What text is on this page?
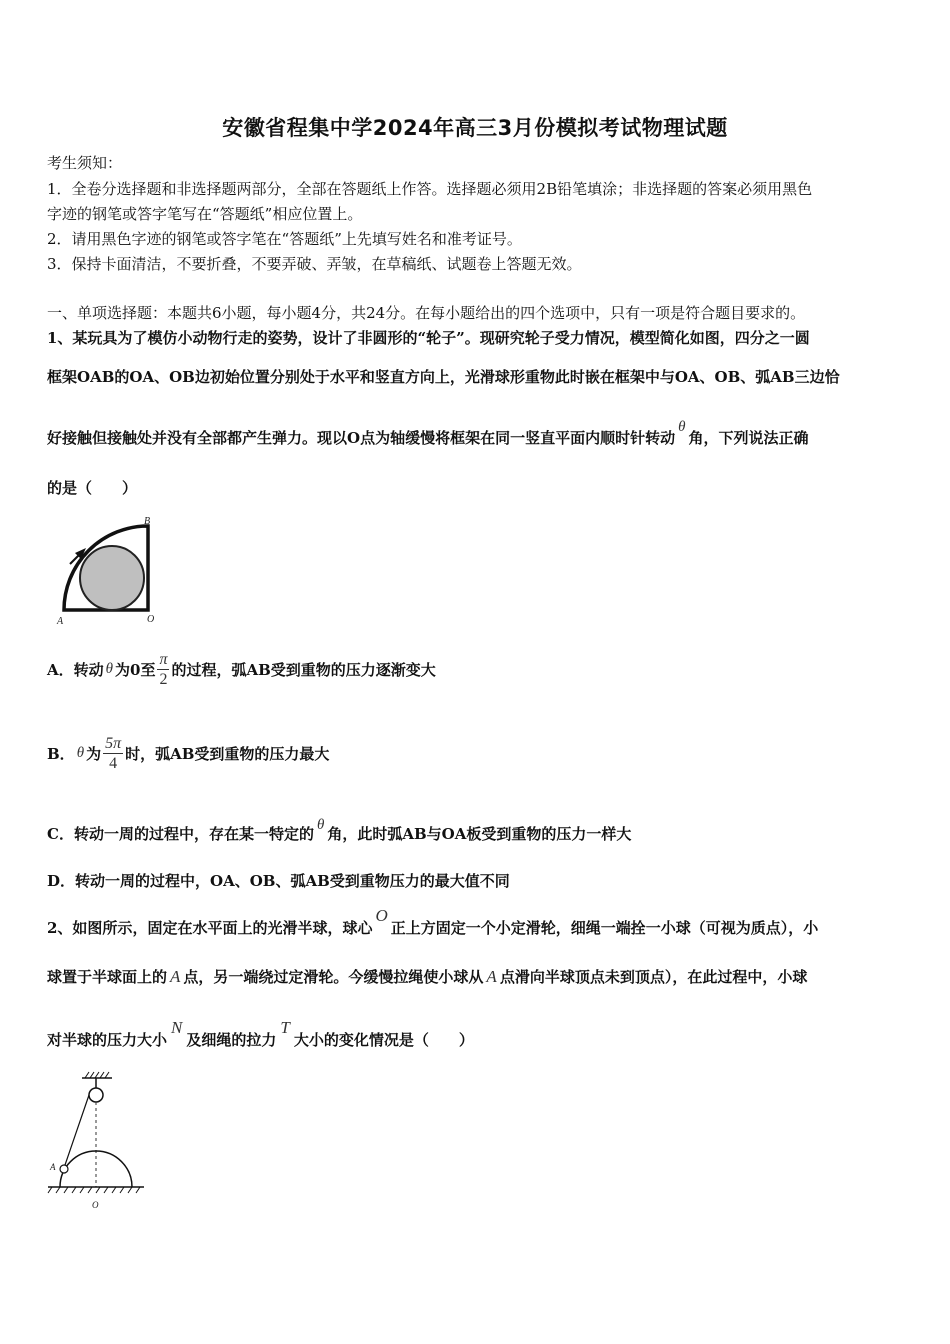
安徽省程集中学2024年高三3月份模拟考试物理试题
考生须知：
1．全卷分选择题和非选择题两部分，全部在答题纸上作答。选择题必须用2B铅笔填涂；非选择题的答案必须用黑色
字迹的钢笔或答字笔写在“答题纸”相应位置上。
2．请用黑色字迹的钢笔或答字笔在“答题纸”上先填写姓名和准考证号。
3．保持卡面清洁，不要折叠，不要弄破、弄皱，在草稿纸、试题卷上答题无效。
一、单项选择题：本题共6小题，每小题4分，共24分。在每小题给出的四个选项中，只有一项是符合题目要求的。
1、某玩具为了模仿小动物行走的姿势，设计了非圆形的“轮子”。现研究轮子受力情况，模型简化如图，四分之一圆
框架OAB的OA、OB边初始位置分别处于水平和竖直方向上，光滑球形重物此时嵌在框架中与OA、OB、弧AB三边恰
好接触但接触处并没有全部都产生弹力。现以O点为轴缓慢将框架在同一竖直平面内顺时针转动θ角，下列说法正确
的是（　　）
A
B
O
A．转动 θ 为0至 $\frac{\pi}{2}$ 的过程，弧AB受到重物的压力逐渐变大
B． θ 为 $\frac{5\pi}{4}$ 时，弧AB受到重物的压力最大
C．转动一周的过程中，存在某一特定的 θ 角，此时弧AB与OA板受到重物的压力一样大
D．转动一周的过程中，OA、OB、弧AB受到重物压力的最大值不同
2、如图所示，固定在水平面上的光滑半球，球心O正上方固定一个小定滑轮，细绳一端拴一小球（可视为质点），小
球置于半球面上的 A 点，另一端绕过定滑轮。今缓慢拉绳使小球从 A 点滑向半球顶点未到顶点），在此过程中，小球
对半球的压力大小N及细绳的拉力T大小的变化情况是（　　）
A
O
